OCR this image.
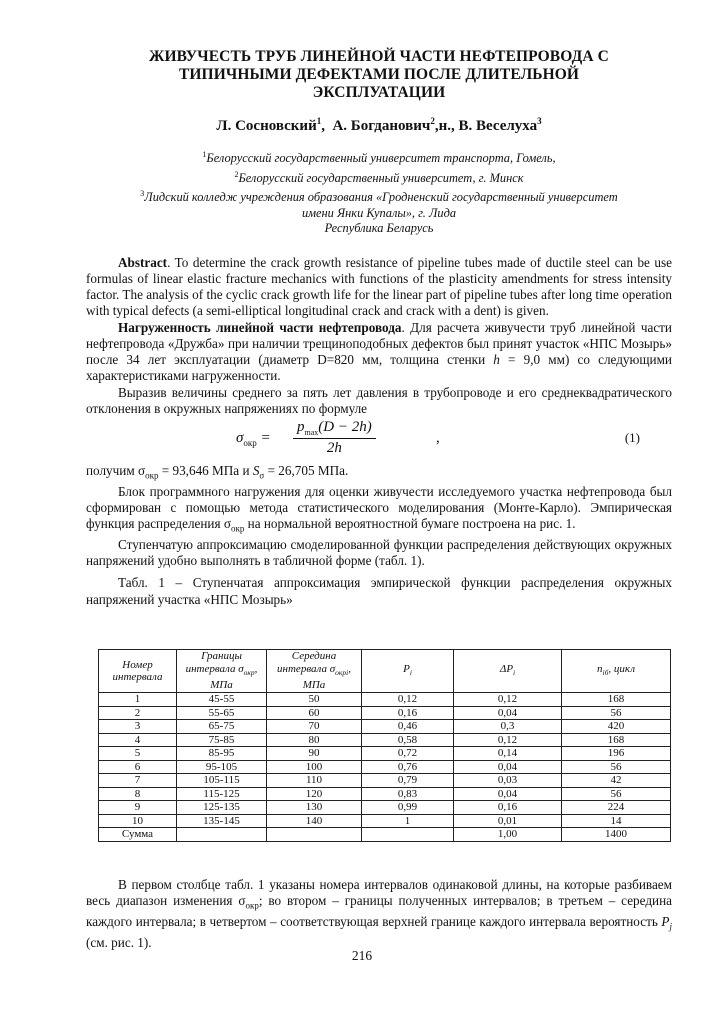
ЖИВУЧЕСТЬ ТРУБ ЛИНЕЙНОЙ ЧАСТИ НЕФТЕПРОВОДА С
ТИПИЧНЫМИ ДЕФЕКТАМИ ПОСЛЕ ДЛИТЕЛЬНОЙ
ЭКСПЛУАТАЦИИ
Л. Сосновский$^1$,  А. Богданович$^2$,н., В. Веселуха$^3$
$^1$Белорусский государственный университет транспорта, Гомель,
$^2$Белорусский государственный университет, г. Минск
$^3$Лидский колледж учреждения образования «Гродненский государственный университет
имени Янки Купалы», г. Лида
Республика Беларусь

Abstract. To determine the crack growth resistance of pipeline tubes made of ductile steel can be use formulas of linear elastic fracture mechanics with functions of the plasticity amendments for stress intensity factor. The analysis of the cyclic crack growth life for the linear part of pipeline tubes after long time operation with typical defects (a semi-elliptical longitudinal crack and crack with a dent) is given.

Нагруженность линейной части нефтепровода. Для расчета живучести труб линейной части нефтепровода «Дружба» при наличии трещиноподобных дефектов был принят участок «НПС Мозырь» после 34 лет эксплуатации (диаметр D=820 мм, толщина стенки h = 9,0 мм) со следующими характеристиками нагруженности.

Выразив величины среднего за пять лет давления в трубопроводе и его среднеквадратического отклонения в окружных напряжениях по формуле

$\sigma_{окр}$ =
$p_{max}(D - 2h)$
2h
,	(1)

получим $\sigma_{окр} = 93,646$ МПа и $S_\sigma = 26,705$ МПа.

Блок программного нагружения для оценки живучести исследуемого участка нефтепровода был сформирован с помощью метода статистического моделирования (Монте-Карло). Эмпирическая функция распределения $\sigma_{окр}$ на нормальной вероятностной бумаге построена на рис. 1.

Ступенчатую аппроксимацию смоделированной функции распределения действующих окружных напряжений удобно выполнять в табличной форме (табл. 1).

Табл. 1 – Ступенчатая аппроксимация эмпирической функции распределения окружных напряжений участка «НПС Мозырь»

Номер интервала	Границы интервала $\sigma_{окр}$, МПа	Середина интервала $\sigma_{окрi}$, МПа	$P_i$	$\Delta P_i$	$n_{iб}$, цикл
1	45-55	50	0,12	0,12	168
2	55-65	60	0,16	0,04	56
3	65-75	70	0,46	0,3	420
4	75-85	80	0,58	0,12	168
5	85-95	90	0,72	0,14	196
6	95-105	100	0,76	0,04	56
7	105-115	110	0,79	0,03	42
8	115-125	120	0,83	0,04	56
9	125-135	130	0,99	0,16	224
10	135-145	140	1	0,01	14
Сумма				1,00	1400

В первом столбце табл. 1 указаны номера интервалов одинаковой длины, на которые разбиваем весь диапазон изменения $\sigma_{окр}$; во втором – границы полученных интервалов; в третьем – середина каждого интервала; в четвертом – соответствующая верхней границе каждого интервала вероятность $P_j$ (см. рис. 1).

216
